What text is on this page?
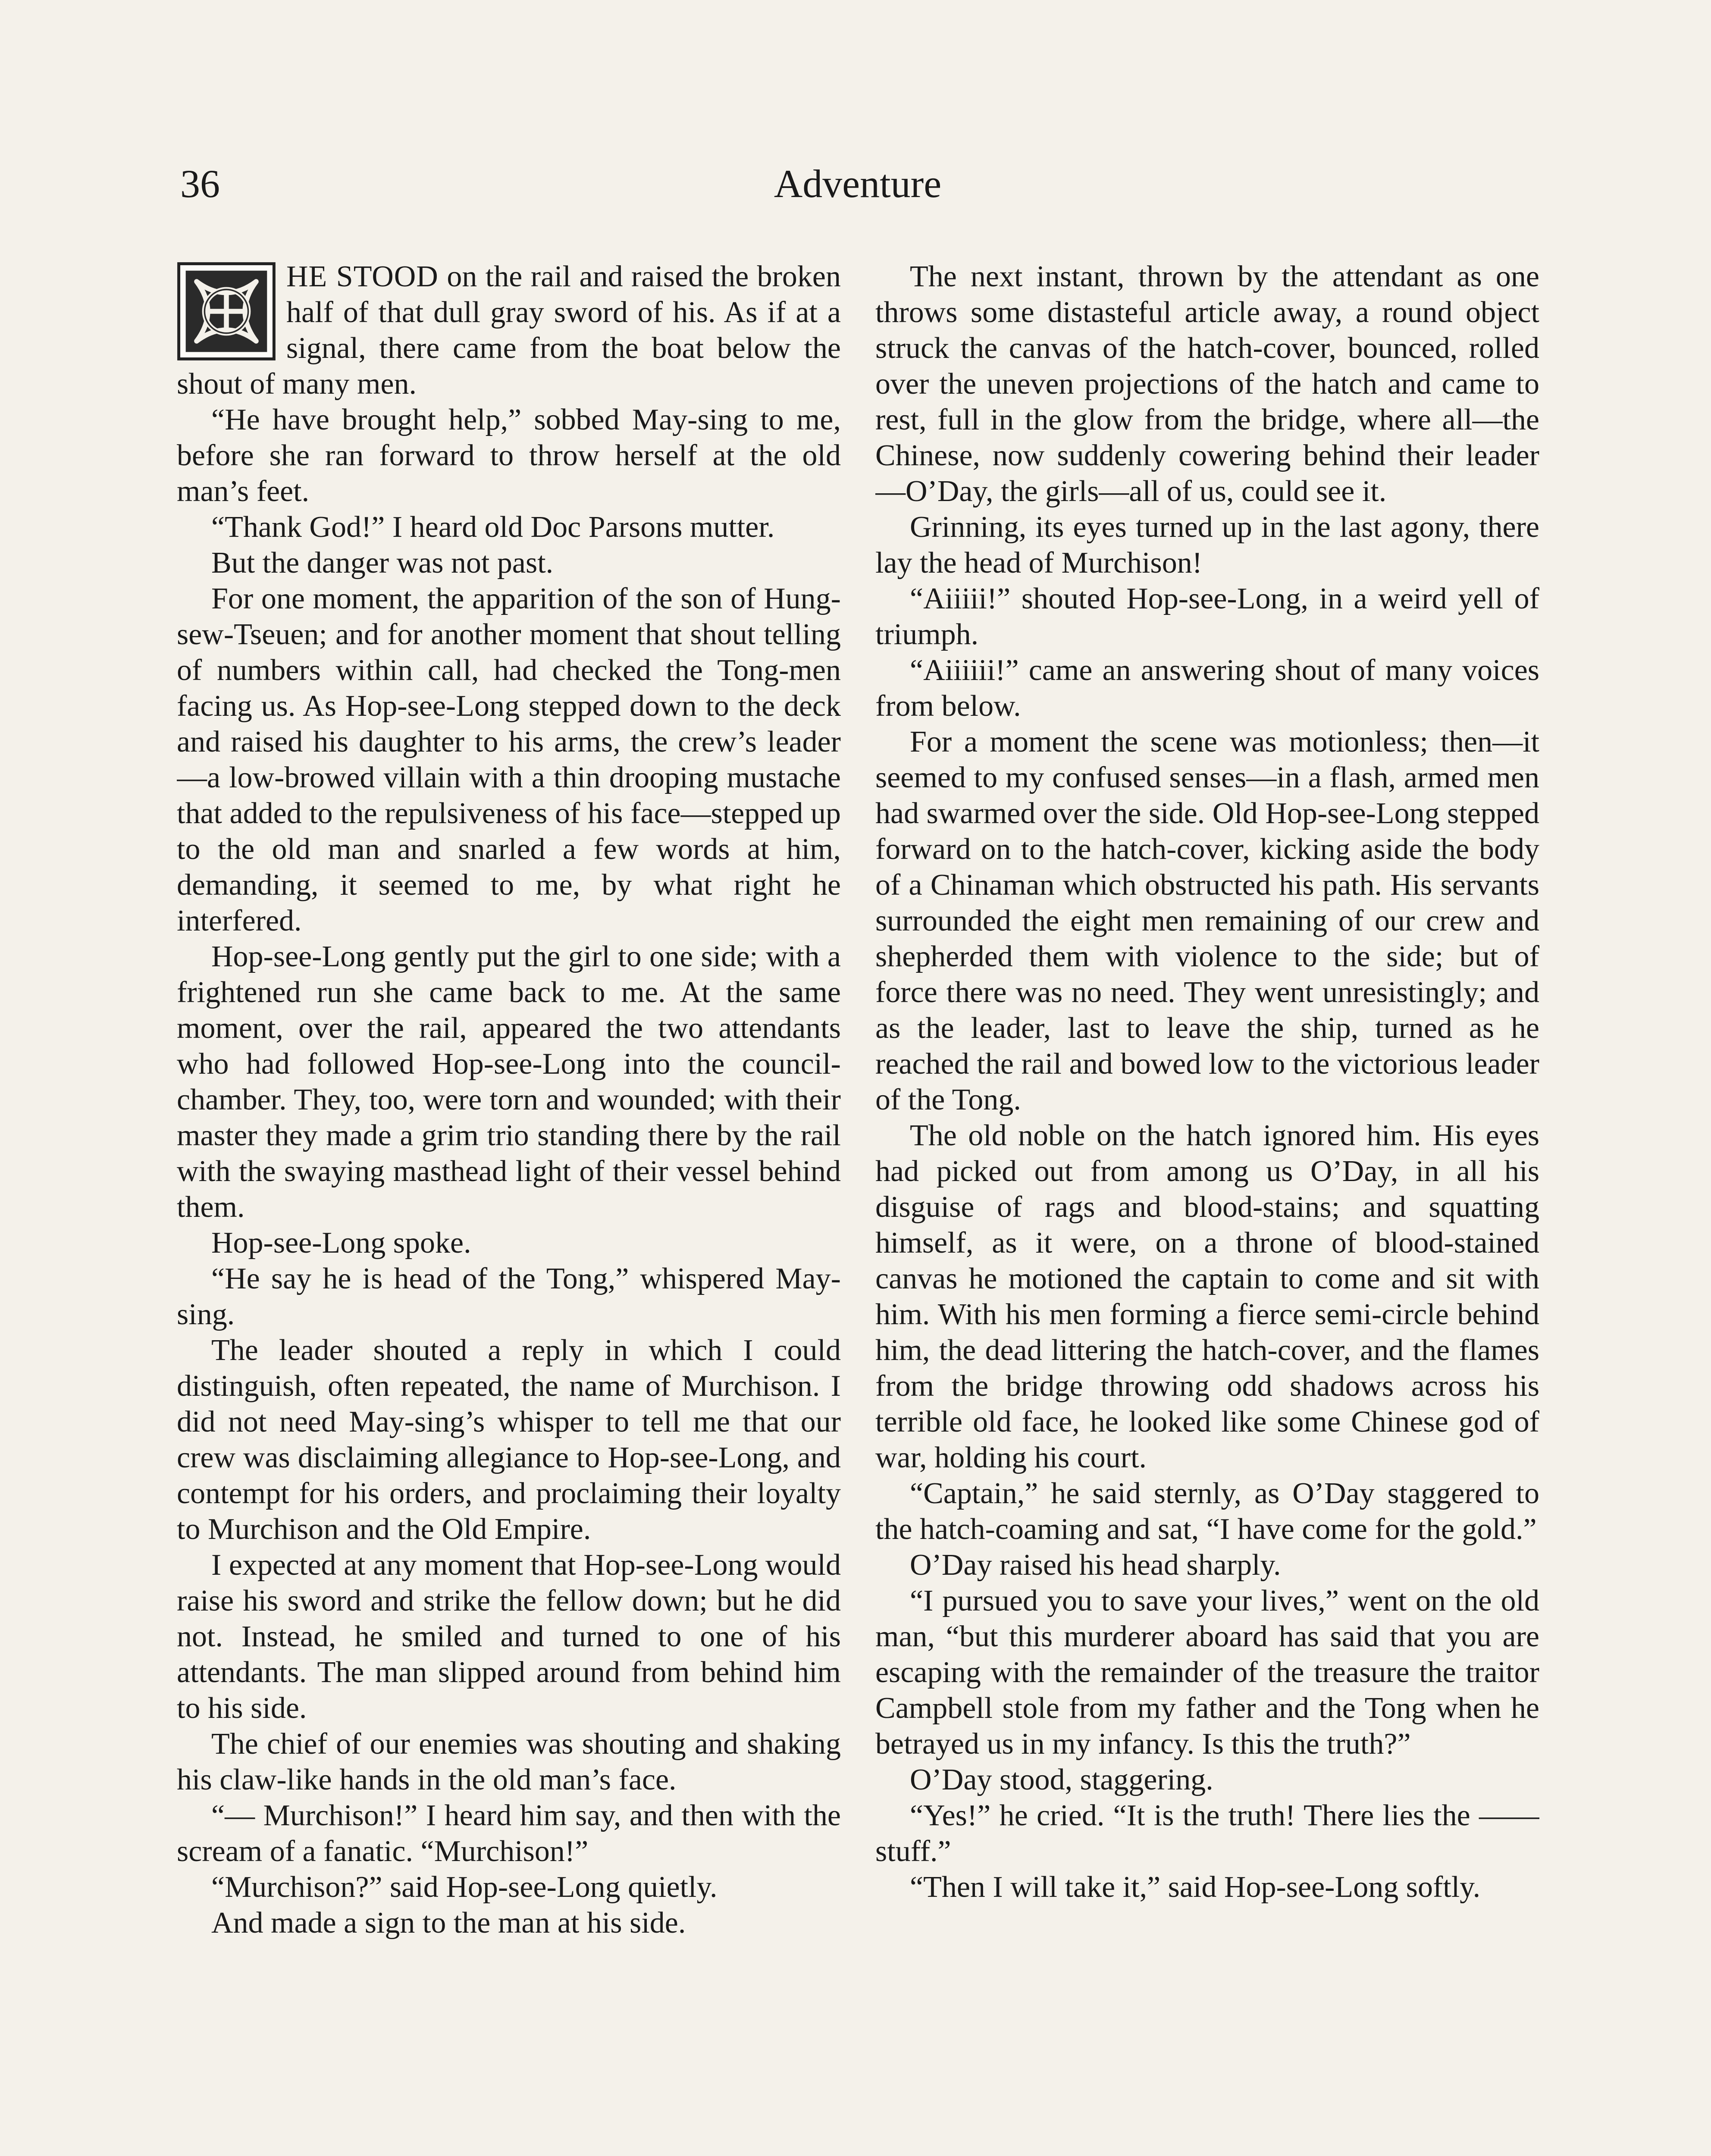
36	Adventure

HE STOOD on the rail and raised the broken half of that dull gray sword of his. As if at a signal, there came from the boat below the shout of many men.

“He have brought help,” sobbed May-sing to me, before she ran forward to throw herself at the old man’s feet.

“Thank God!” I heard old Doc Parsons mutter.

But the danger was not past.

For one moment, the apparition of the son of Hung-sew-Tseuen; and for another moment that shout telling of numbers within call, had checked the Tong-men facing us. As Hop-see-Long stepped down to the deck and raised his daughter to his arms, the crew’s leader—a low-browed villain with a thin drooping mustache that added to the repulsiveness of his face—stepped up to the old man and snarled a few words at him, demanding, it seemed to me, by what right he interfered.

Hop-see-Long gently put the girl to one side; with a frightened run she came back to me. At the same moment, over the rail, appeared the two attendants who had followed Hop-see-Long into the council-chamber. They, too, were torn and wounded; with their master they made a grim trio standing there by the rail with the swaying masthead light of their vessel behind them.

Hop-see-Long spoke.

“He say he is head of the Tong,” whispered May-sing.

The leader shouted a reply in which I could distinguish, often repeated, the name of Murchison. I did not need May-sing’s whisper to tell me that our crew was disclaiming allegiance to Hop-see-Long, and contempt for his orders, and proclaiming their loyalty to Murchison and the Old Empire.

I expected at any moment that Hop-see-Long would raise his sword and strike the fellow down; but he did not. Instead, he smiled and turned to one of his attendants. The man slipped around from behind him to his side.

The chief of our enemies was shouting and shaking his claw-like hands in the old man’s face.

“— Murchison!” I heard him say, and then with the scream of a fanatic. “Murchison!”

“Murchison?” said Hop-see-Long quietly.

And made a sign to the man at his side.

The next instant, thrown by the attendant as one throws some distasteful article away, a round object struck the canvas of the hatch-cover, bounced, rolled over the uneven projections of the hatch and came to rest, full in the glow from the bridge, where all—the Chinese, now suddenly cowering behind their leader—O’Day, the girls—all of us, could see it.

Grinning, its eyes turned up in the last agony, there lay the head of Murchison!

“Aiiiii!” shouted Hop-see-Long, in a weird yell of triumph.

“Aiiiiii!” came an answering shout of many voices from below.

For a moment the scene was motionless; then—it seemed to my confused senses—in a flash, armed men had swarmed over the side. Old Hop-see-Long stepped forward on to the hatch-cover, kicking aside the body of a Chinaman which obstructed his path. His servants surrounded the eight men remaining of our crew and shepherded them with violence to the side; but of force there was no need. They went unresistingly; and as the leader, last to leave the ship, turned as he reached the rail and bowed low to the victorious leader of the Tong.

The old noble on the hatch ignored him. His eyes had picked out from among us O’Day, in all his disguise of rags and blood-stains; and squatting himself, as it were, on a throne of blood-stained canvas he motioned the captain to come and sit with him. With his men forming a fierce semi-circle behind him, the dead littering the hatch-cover, and the flames from the bridge throwing odd shadows across his terrible old face, he looked like some Chinese god of war, holding his court.

“Captain,” he said sternly, as O’Day staggered to the hatch-coaming and sat, “I have come for the gold.”

O’Day raised his head sharply.

“I pursued you to save your lives,” went on the old man, “but this murderer aboard has said that you are escaping with the remainder of the treasure the traitor Campbell stole from my father and the Tong when he betrayed us in my infancy. Is this the truth?”

O’Day stood, staggering.

“Yes!” he cried. “It is the truth! There lies the —— stuff.”

“Then I will take it,” said Hop-see-Long softly.
